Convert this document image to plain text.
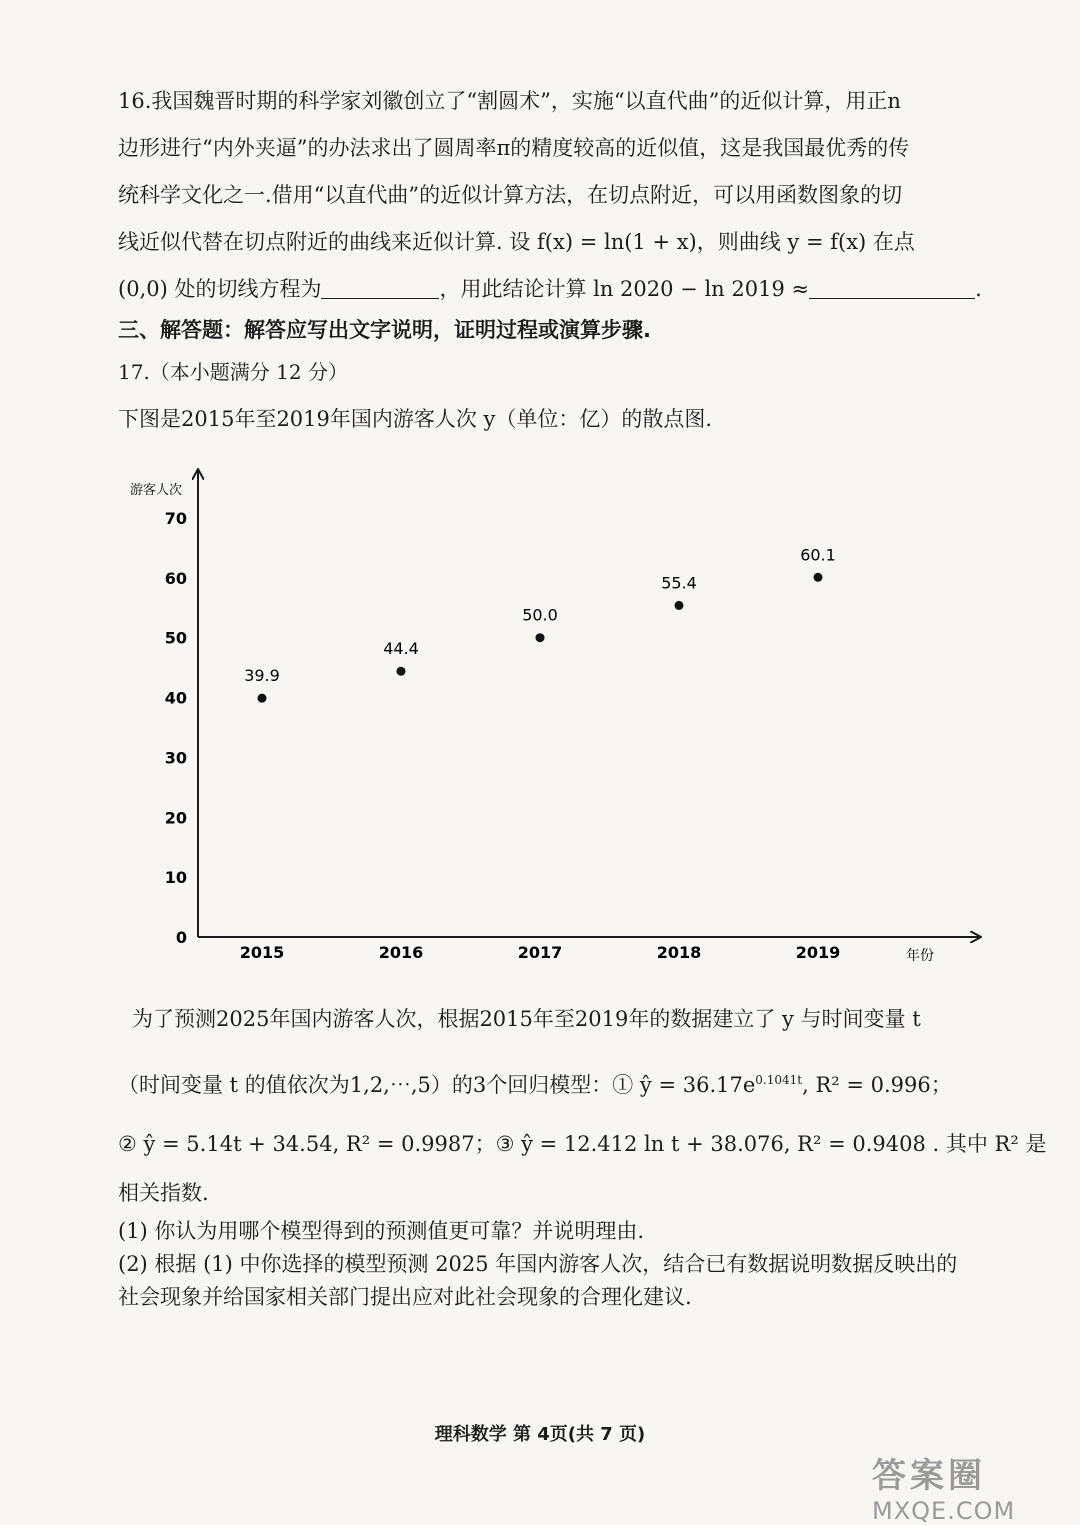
16.我国魏晋时期的科学家刘徽创立了“割圆术”，实施“以直代曲”的近似计算，用正n

边形进行“内外夹逼”的办法求出了圆周率π的精度较高的近似值，这是我国最优秀的传

统科学文化之一.借用“以直代曲”的近似计算方法，在切点附近，可以用函数图象的切

线近似代替在切点附近的曲线来近似计算. 设 f(x) = ln(1 + x)，则曲线 y = f(x) 在点

(0,0) 处的切线方程为	，用此结论计算 ln 2020 − ln 2019 ≈	.

三、解答题：解答应写出文字说明，证明过程或演算步骤.
17.（本小题满分 12 分）
下图是2015年至2019年国内游客人次 y（单位：亿）的散点图.
游客人次
年份
0
10
20
30
40
50
60
70
2015	2016	2017	2018	2019
39.9
44.4
50.0
55.4
60.1

为了预测2025年国内游客人次，根据2015年至2019年的数据建立了 y 与时间变量 t

（时间变量 t 的值依次为1,2,⋯,5）的3个回归模型：① ŷ = $36.17e^{0.1041t}$, R² = 0.996；

② ŷ = 5.14t + 34.54, R² = 0.9987；③ ŷ = 12.412 ln t + 38.076, R² = 0.9408 . 其中 R² 是

相关指数.

(1) 你认为用哪个模型得到的预测值更可靠？并说明理由.

(2) 根据 (1) 中你选择的模型预测 2025 年国内游客人次，结合已有数据说明数据反映出的

社会现象并给国家相关部门提出应对此社会现象的合理化建议.

理科数学 第 4页(共 7 页)
答案圈
MXQE.COM
